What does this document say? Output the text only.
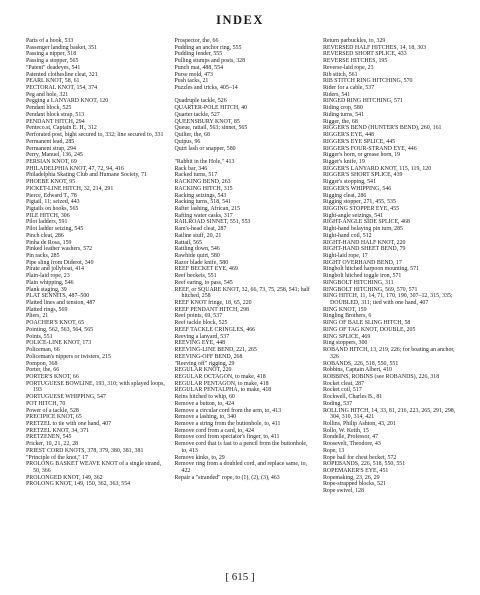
INDEX
Parts of a hook, 533
Passenger landing basket, 351
Passing a nipper, 518
Passing a stopper, 565
"Patent" deadeyes, 541
Patented clothesline cleat, 321
PEARL KNOT, 58, 61
PECTORAL KNOT, 154, 374
Peg and hole, 321
Pegging a LANYARD KNOT, 120
Pendant block, 525
Pendant block strap, 513
PENDANT HITCH, 294
Penteco.st, Captain E. H., 312
Perforated post, bight secured to, 332; line secured to, 331
Permanent lead, 285
Permanent strap, 294
Perry, Manuel, 136, 245
PERSIAN KNOT, 69
PHILADELPHIA KNOT, 47, 72, 94, 416
Philadelphia Skating Club and Humane Society, 71
PHOEBE KNOT, 95
PICKET-LINE HITCH, 32, 214, 291
Pierce, Edward T., 78
Pigtail, 11; seized, 443
Pigtails on hooks, 565
PILE HITCH, 306
Pilot ladders, 591
Pilot ladder seizing, 545
Pinch cleat, 286
Pinha de Rosa, 159
Pinked leather washers, 572
Pin racks, 285
Pipe sling from Diderot, 349
Pirate and jollyboat, 414
Plain-laid rope, 23
Plain whipping, 546
Plank staging, 39
PLAT SENNITS, 487–500
Platted lines and tension, 487
Platted rings, 569
Pliers, 21
POACHER'S KNOT, 65
Pointing, 562, 563, 564, 565
Points, 551
POLICE-LINE KNOT, 173
Policeman, 66
Policeman's nippers or twisters, 215
Pompon, 368
Porter, the, 66
PORTER'S KNOT, 66
PORTUGUESE BOWLINE, 193, 310; with splayed loops, 193
PORTUGUESE WHIPPING, 547
POT HITCH, 70
Power of a tackle, 528
PRECIPICE KNOT, 65
PRETZEL to tie with one hand, 407
PRETZEL KNOT, 34, 371
PRETZENEN, 545
Pricker, 10, 21, 22, 28
PRIEST CORD KNOTS, 378, 379, 380, 381, 381
"Principle of the knot," 17
PROLONG BASKET WEAVE KNOT of a single strand, 50, 366
PROLONGED KNOT, 149, 362
PROLONG KNOT, 149, 150, 362, 363, 554
Prospector, the, 66
Pudding an anchor ring, 555
Pudding fender, 555
Pulling stumps and posts, 328
Punch mat, 488, 554
Purse mold, 473
Push tacks, 21
Puzzles and tricks, 405–14
Quadruple tackle, 526
QUARTER-POLE HITCH, 40
Quarter tackle, 527
QUEENSBURY KNOT, 85
Queue, rattail, 563; sinnet, 565
Quilter, the, 68
Quipus, 96
Quirt lash or snapper, 580
"Rabbit in the Hole," 413
Rack bar, 346
Racked turns, 517
RACKING BEND, 263
RACKING HITCH, 315
Racking seizings, 543
Racking turns, 518, 541
Rafter lashing, African, 215
Rafting water casks, 317
RAILROAD SINNET, 551, 553
Ram's-head cleat, 287
Ratline stuff, 20, 21
Rattail, 565
Rattling down, 546
Rawhide quirt, 580
Razor blade knife, 580
REEF BECKET EYE, 469
Reef beckets, 551
Reef earing, to pass, 545
REEF, or SQUARE KNOT, 32, 66, 73, 75, 258, 541; half hitched, 258
REEF KNOT fringe, 18, 65, 220
REEF PENDANT HITCH, 298
Reef points, 69, 537
Reef tackle block, 525
REEF TACKLE CRINGLES, 466
Reeving a lanyard, 537
REEVING EYE, 448
REEVING-LINE BEND, 221, 265
REEVING-OFF BEND, 268
"Reeving off" rigging, 29
REGULAR KNOT, 220
REGULAR OCTAGON, to make, 418
REGULAR PENTAGON, to make, 418
REGULAR PENTALPHA, to make, 418
Reins hitched to whip, 60
Remove a button, to, 424
Remove a circular cord from the arm, to, 413
Remove a lashing, to, 340
Remove a string from the buttonhole, to, 411
Remove cord from a card, to, 424
Remove cord from spectator's finger, to, 411
Remove cord that is fast to a pencil from the buttonhole, to, 413
Remove kinks, to, 29
Remove ring from a doubled cord, and replace same, to, 422
Repair a "stranded" rope, to (1), (2), (3), 463
Return parbuckles, to, 329
REVERSED HALF HITCHES, 14, 18, 303
REVERSED SHORT SPLICE, 433
REVERSE HITCHES, 195
Reverse-laid rope, 23
Rib stitch, 561
RIB STITCH RING HITCHING, 570
Rider for a cable, 537
Riders, 541
RINGED RING HITCHING, 571
Riding crop, 580
Riding turns, 541
Rigger, the, 68
RIGGER'S BEND (HUNTER'S BEND), 260, 161
RIGGER'S EYE, 448
RIGGER'S EYE SPLICE, 445
RIGGER'S FOUR-STRAND EYE, 446
Rigger's horn, or grease horn, 19
Rigger's knife, 19
RIGGER'S LANYARD KNOT, 115, 119, 120
RIGGER'S SHORT SPLICE, 439
Rigger's stopping, 541
RIGGER'S WHIPPING, 546
Rigging cleat, 286
Rigging stopper, 271, 455, 535
RIGGING STOPPER EYE, 455
Right-angle seizings, 541
RIGHT-ANGLE SIDE SPLICE, 468
Right-hand belaying pin turn, 285
Right-hand coil, 512
RIGHT-HAND HALF KNOT, 220
RIGHT-HAND SHEET BEND, 79
Right-laid rope, 17
RIGHT OVERHAND BEND, 17
Ringbolt hitched harpoon mounting, 571
Ringbolt hitched toggle iron, 571
RINGBOLT HITCHING, 311
RINGBOLT HITCHING, 569, 570, 571
RING HITCH, 11, 14, 71, 170, 190, 307–12, 315, 335; DOUBLED, 311; tied with one hand, 407
RING KNOT, 159
Ringling Brothers, 6
RING OF BALE SLING HITCH, 58
RING OF TAG KNOT, DOUBLE, 205
RING SPLICE, 469
Ring stoppers, 300
ROBAND HITCH, 13, 219, 226; for boating an anchor, 326
ROBANDS, 226, 518, 550, 551
Robbins, Captain Albert, 410
ROBBINS, ROBINS (see ROBANDS), 226, 318
Rocket cleat, 287
Rocket coil, 517
Rockwell, Charles B., 81
Roding, 537
ROLLING HITCH, 14, 33, 81, 216, 223, 265, 291, 298, 304, 310, 314, 421
Rollins, Philip Ashton, 43, 201
Rollo, W. Keith, 15
Rondelle, Professor, 47
Roosevelt, Theodore, 43
Rope, 13
Rope bail for chest becket, 572
ROPEBANDS, 226, 518, 550, 551
ROPEMAKER'S EYE, 451
Ropemaking, 23, 26, 29
Rope-strapped blocks, 521
Rope swivel, 128
[ 615 ]
